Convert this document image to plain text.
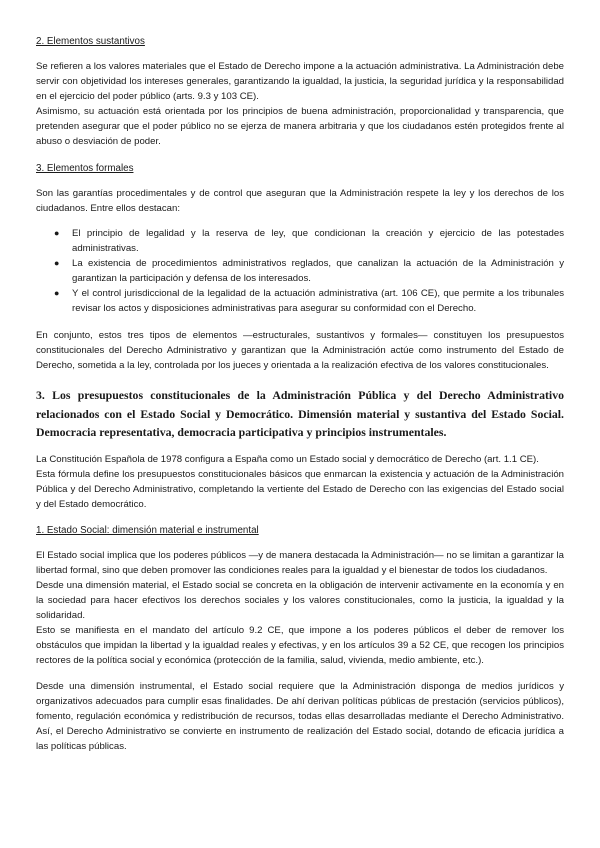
2. Elementos sustantivos

Se refieren a los valores materiales que el Estado de Derecho impone a la actuación administrativa. La Administración debe servir con objetividad los intereses generales, garantizando la igualdad, la justicia, la seguridad jurídica y la responsabilidad en el ejercicio del poder público (arts. 9.3 y 103 CE).

Asimismo, su actuación está orientada por los principios de buena administración, proporcionalidad y transparencia, que pretenden asegurar que el poder público no se ejerza de manera arbitraria y que los ciudadanos estén protegidos frente al abuso o desviación de poder.

3. Elementos formales

Son las garantías procedimentales y de control que aseguran que la Administración respete la ley y los derechos de los ciudadanos. Entre ellos destacan:

● El principio de legalidad y la reserva de ley, que condicionan la creación y ejercicio de las potestades administrativas.
● La existencia de procedimientos administrativos reglados, que canalizan la actuación de la Administración y garantizan la participación y defensa de los interesados.
● Y el control jurisdiccional de la legalidad de la actuación administrativa (art. 106 CE), que permite a los tribunales revisar los actos y disposiciones administrativas para asegurar su conformidad con el Derecho.

En conjunto, estos tres tipos de elementos —estructurales, sustantivos y formales— constituyen los presupuestos constitucionales del Derecho Administrativo y garantizan que la Administración actúe como instrumento del Estado de Derecho, sometida a la ley, controlada por los jueces y orientada a la realización efectiva de los valores constitucionales.

3. Los presupuestos constitucionales de la Administración Pública y del Derecho Administrativo relacionados con el Estado Social y Democrático. Dimensión material y sustantiva del Estado Social. Democracia representativa, democracia participativa y principios instrumentales.

La Constitución Española de 1978 configura a España como un Estado social y democrático de Derecho (art. 1.1 CE).

Esta fórmula define los presupuestos constitucionales básicos que enmarcan la existencia y actuación de la Administración Pública y del Derecho Administrativo, completando la vertiente del Estado de Derecho con las exigencias del Estado social y del Estado democrático.

1. Estado Social: dimensión material e instrumental

El Estado social implica que los poderes públicos —y de manera destacada la Administración— no se limitan a garantizar la libertad formal, sino que deben promover las condiciones reales para la igualdad y el bienestar de todos los ciudadanos.

Desde una dimensión material, el Estado social se concreta en la obligación de intervenir activamente en la economía y en la sociedad para hacer efectivos los derechos sociales y los valores constitucionales, como la justicia, la igualdad y la solidaridad.

Esto se manifiesta en el mandato del artículo 9.2 CE, que impone a los poderes públicos el deber de remover los obstáculos que impidan la libertad y la igualdad reales y efectivas, y en los artículos 39 a 52 CE, que recogen los principios rectores de la política social y económica (protección de la familia, salud, vivienda, medio ambiente, etc.).

Desde una dimensión instrumental, el Estado social requiere que la Administración disponga de medios jurídicos y organizativos adecuados para cumplir esas finalidades. De ahí derivan políticas públicas de prestación (servicios públicos), fomento, regulación económica y redistribución de recursos, todas ellas desarrolladas mediante el Derecho Administrativo. Así, el Derecho Administrativo se convierte en instrumento de realización del Estado social, dotando de eficacia jurídica a las políticas públicas.
